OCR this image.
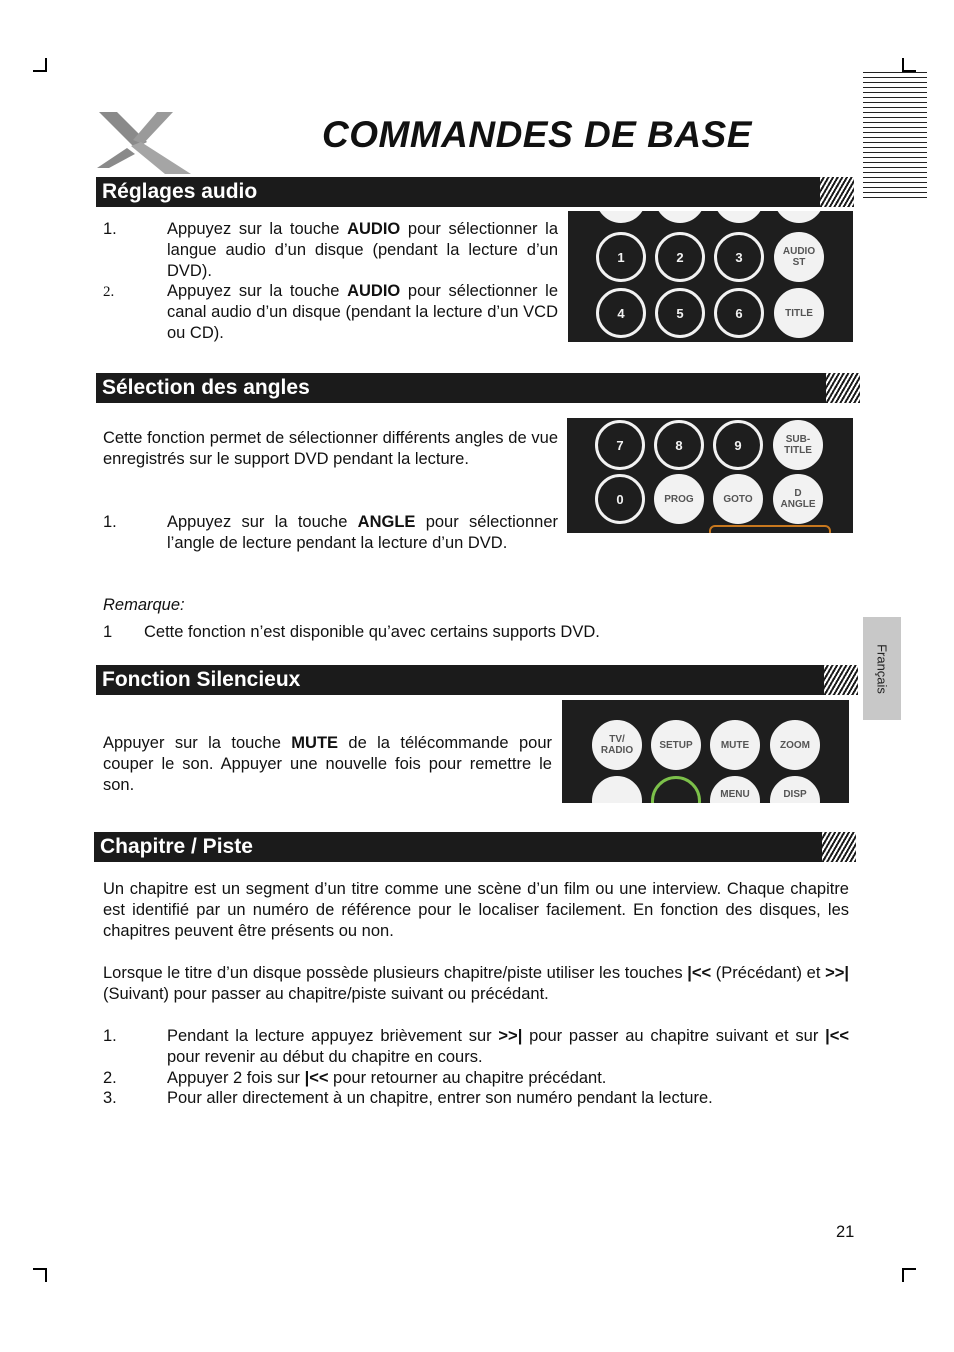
COMMANDES DE BASE
Réglages audio
1.	Appuyez sur la touche AUDIO pour sélectionner la langue audio d’un disque (pendant la lecture d’un DVD).
2.	Appuyez sur la touche AUDIO pour sélectionner le canal audio d’un disque (pendant la lecture d’un VCD ou CD).
1	2	3	AUDIO ST
4	5	6	TITLE
Sélection des angles
Cette fonction permet de sélectionner différents angles de vue enregistrés sur le support DVD pendant la lecture.
1.	Appuyez sur la touche ANGLE pour sélectionner l’angle de lecture pendant la lecture d’un DVD.
Remarque:
1 Cette fonction n’est disponible qu’avec certains supports DVD.
7	8	9	SUB-TITLE
0	PROG	GOTO	D ANGLE
Fonction Silencieux
Appuyer sur la touche MUTE de la télécommande pour couper le son. Appuyer une nouvelle fois pour remettre le son.
TV/ RADIO	SETUP	MUTE	ZOOM
MENU	DISP
Chapitre / Piste
Un chapitre est un segment d’un titre comme une scène d’un film ou une interview. Chaque chapitre est identifié par un numéro de référence pour le localiser facilement. En fonction des disques, les chapitres peuvent être présents ou non.
Lorsque le titre d’un disque possède plusieurs chapitre/piste utiliser les touches |<< (Précédant) et >>| (Suivant) pour passer au chapitre/piste suivant ou précédant.
1.	Pendant la lecture appuyez brièvement sur >>| pour passer au chapitre suivant et sur |<< pour revenir au début du chapitre en cours.
2.	Appuyer 2 fois sur |<< pour retourner au chapitre précédant.
3.	Pour aller directement à un chapitre, entrer son numéro pendant la lecture.
Français
21
